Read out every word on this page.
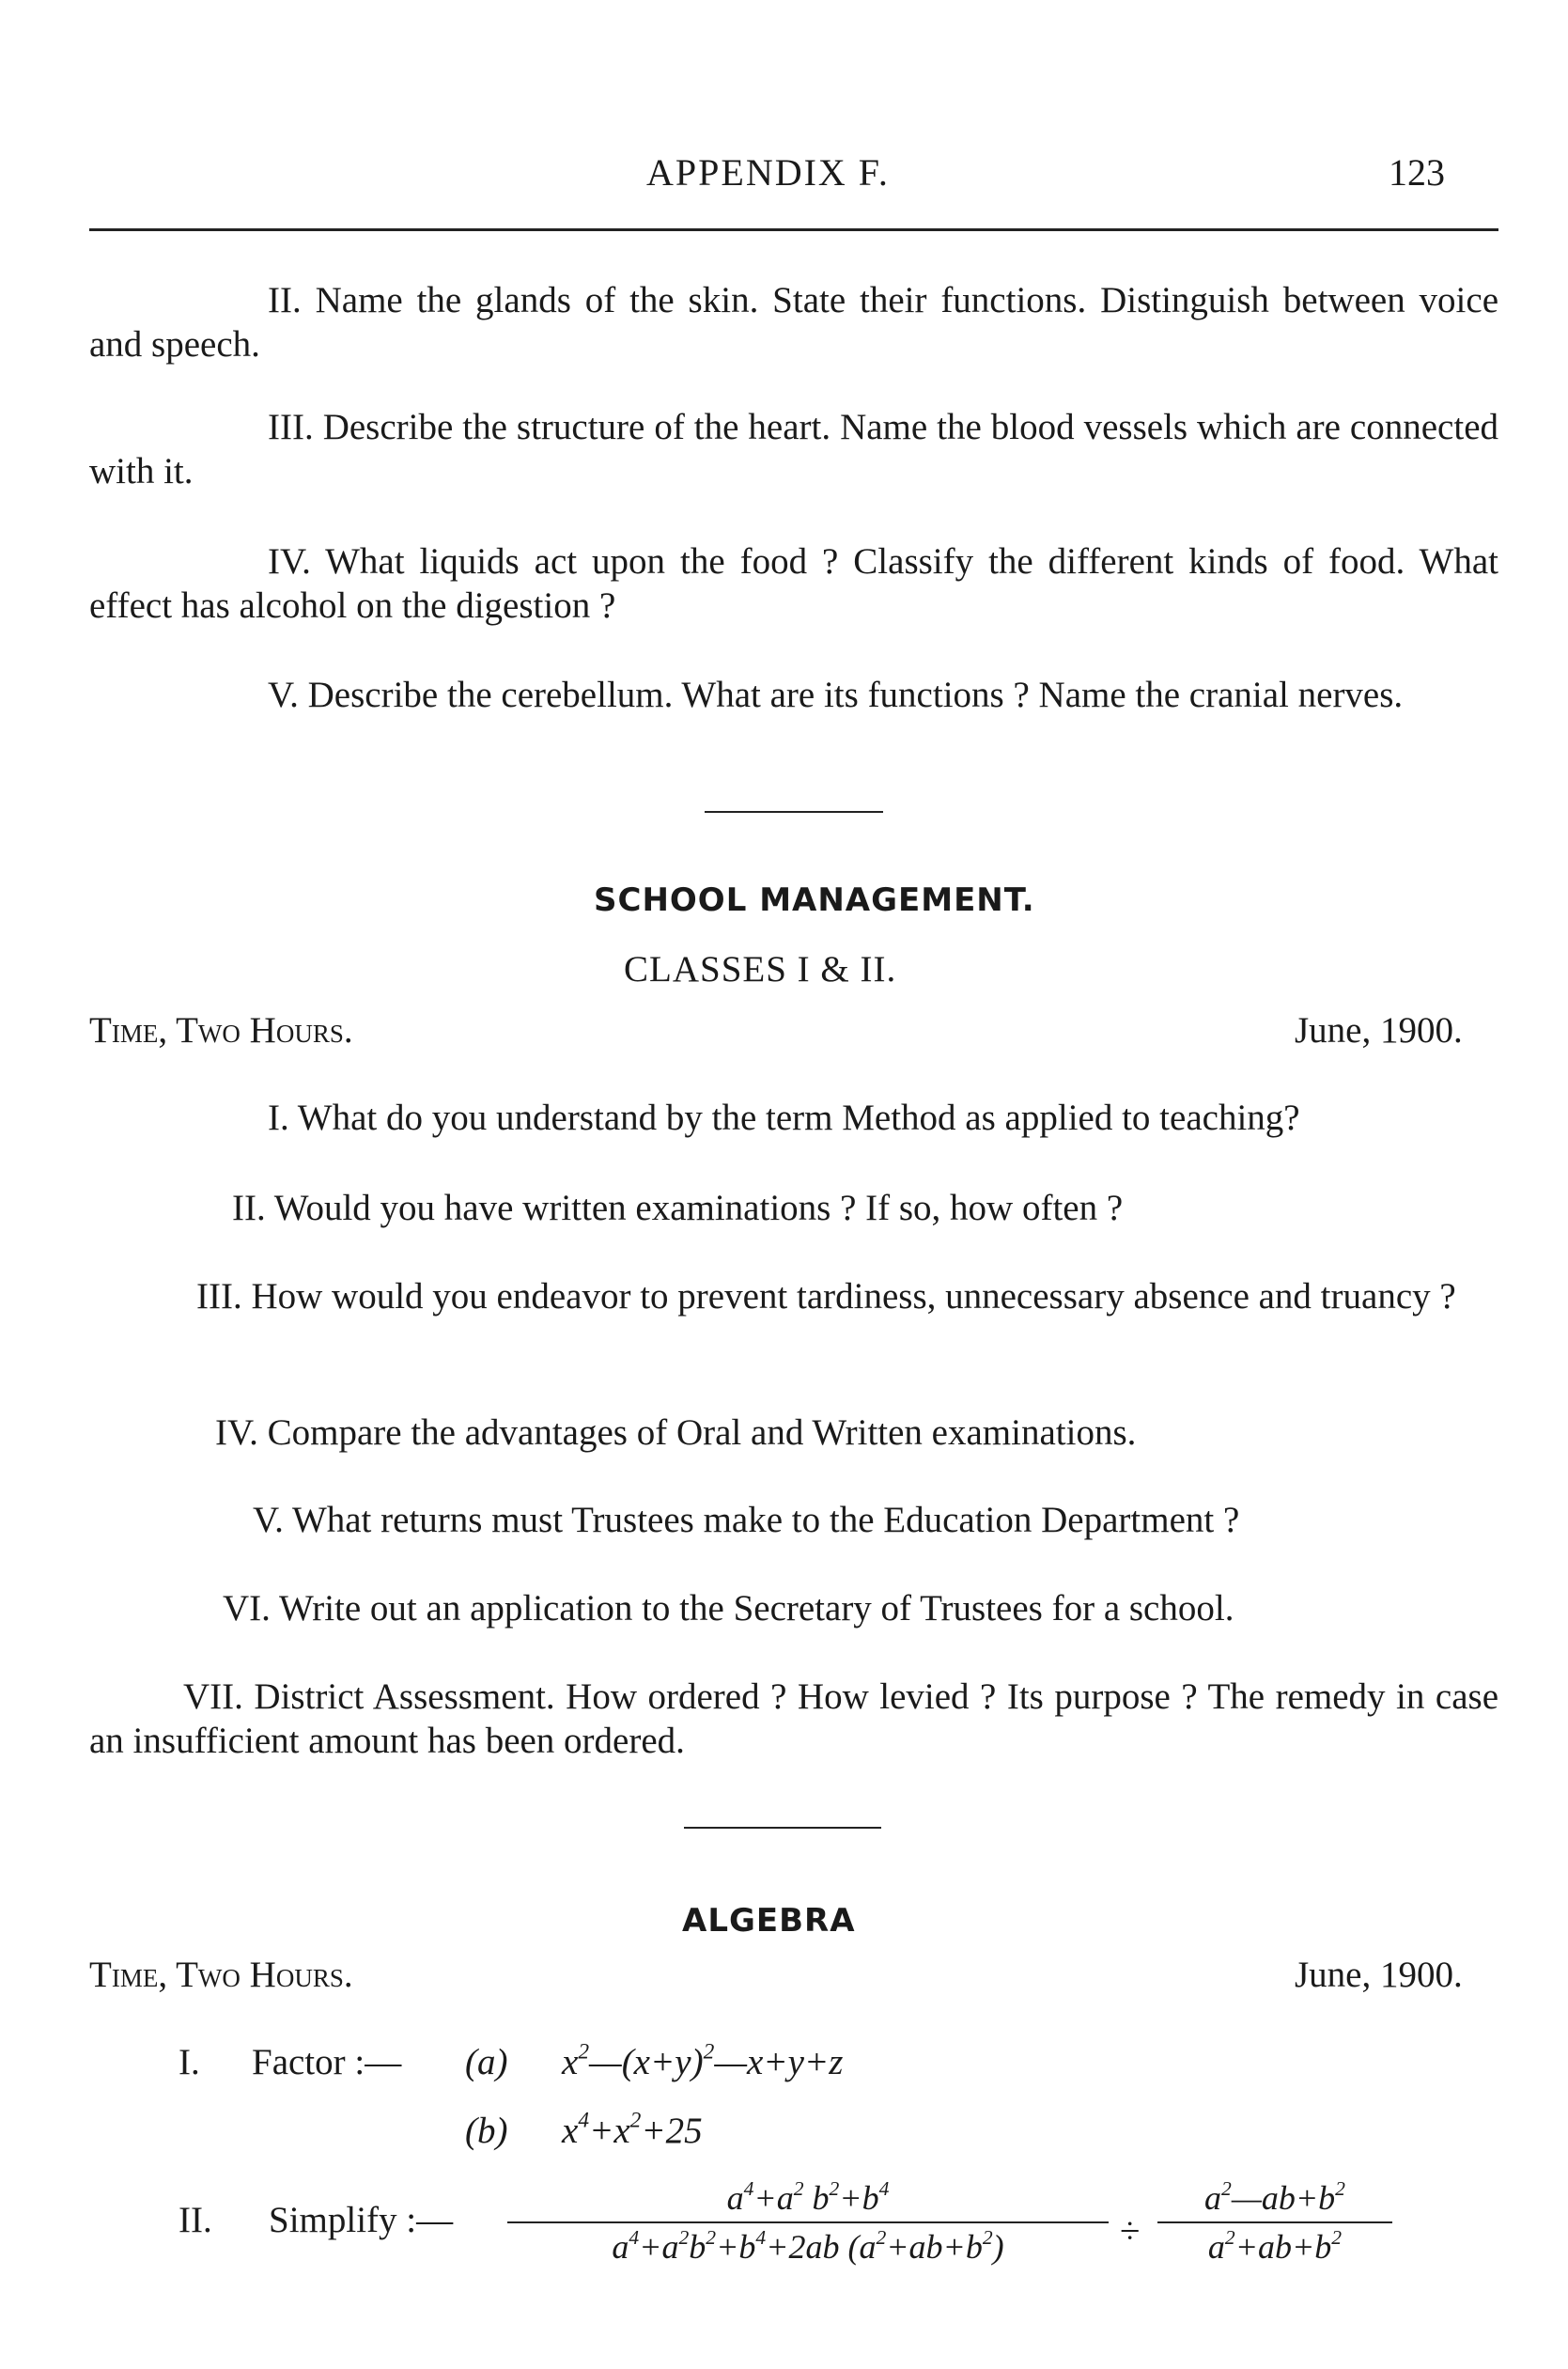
APPENDIX F.	123
II. Name the glands of the skin. State their functions. Distinguish between voice and speech.
III. Describe the structure of the heart. Name the blood vessels which are connected with it.
IV. What liquids act upon the food ? Classify the different kinds of food. What effect has alcohol on the digestion ?
V. Describe the cerebellum. What are its functions ? Name the cranial nerves.
SCHOOL MANAGEMENT.
CLASSES I & II.
Time, Two Hours.	June, 1900.
I. What do you understand by the term Method as applied to teaching?
II. Would you have written examinations ? If so, how often ?
III. How would you endeavor to prevent tardiness, unnecessary absence and truancy ?
IV. Compare the advantages of Oral and Written examinations.
V. What returns must Trustees make to the Education Department ?
VI. Write out an application to the Secretary of Trustees for a school.
VII. District Assessment. How ordered ? How levied ? Its purpose ? The remedy in case an insufficient amount has been ordered.
ALGEBRA
Time, Two Hours.	June, 1900.
I. Factor :— (a) $x^2—(x+y)^2—x+y+z$
(b) $x^4+x^2+25$
II. Simplify :—
$a^4+a^2$ $b^2+b^4$
$a^4+a^2b^2+b^4+2ab$ $(a^2+ab+b^2)$	÷
$a^2—ab+b^2$
$a^2+ab+b^2$
